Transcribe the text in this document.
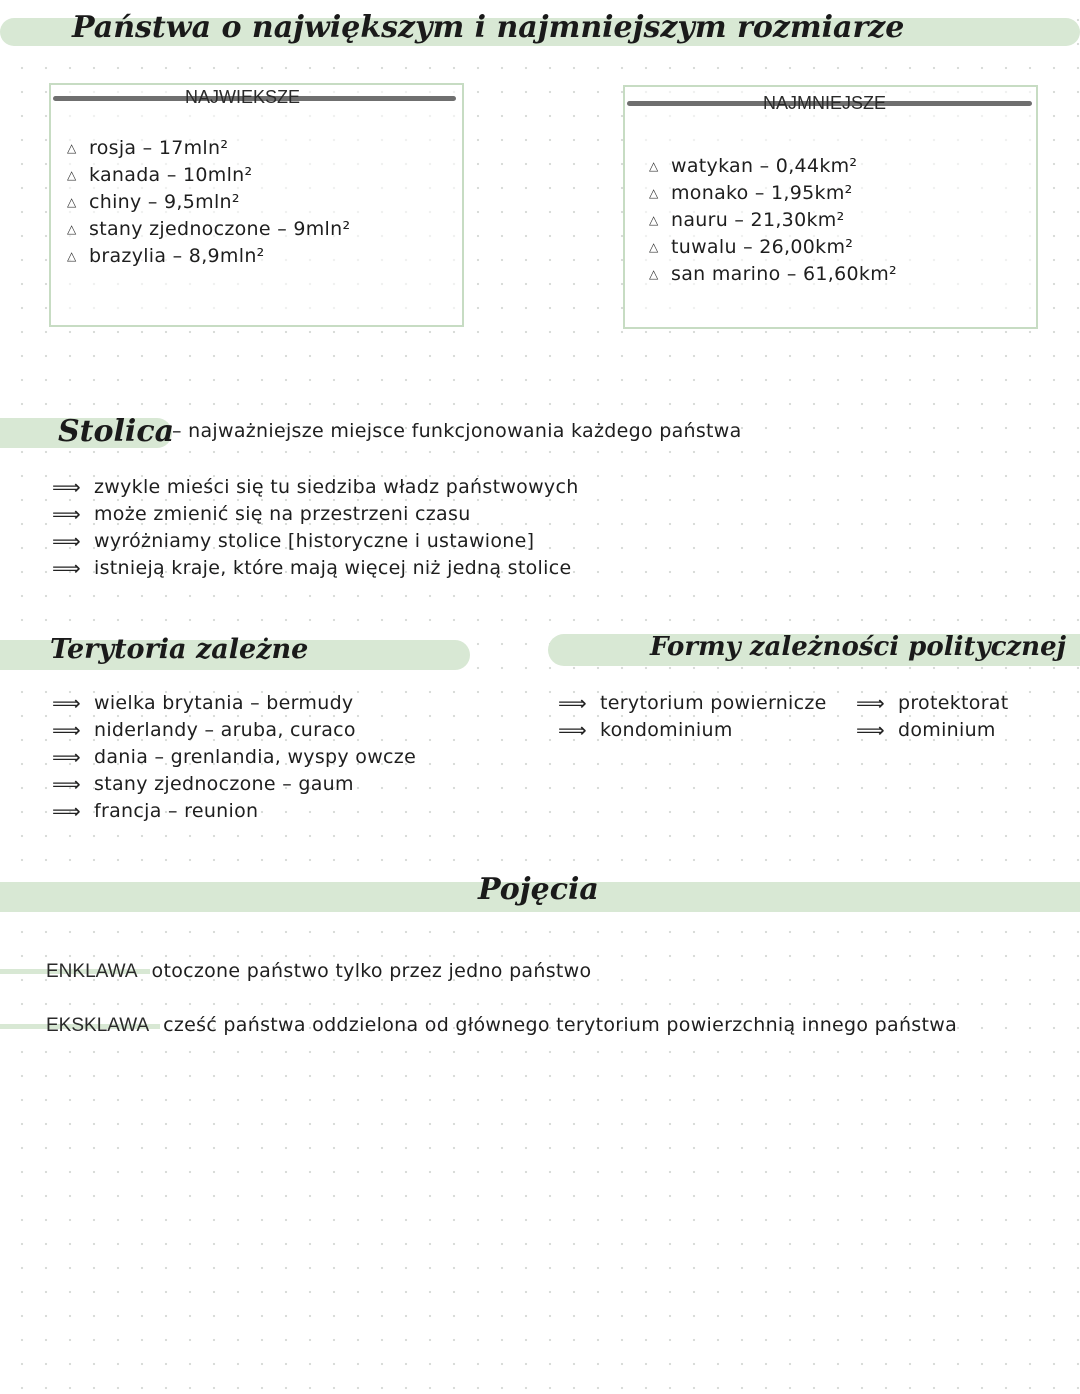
Państwa o największym i najmniejszym rozmiarze
NAJWIEKSZE
△ rosja – 17mln²
△ kanada – 10mln²
△ chiny – 9,5mln²
△ stany zjednoczone – 9mln²
△ brazylia – 8,9mln²
NAJMNIEJSZE
△ watykan – 0,44km²
△ monako – 1,95km²
△ nauru – 21,30km²
△ tuwalu – 26,00km²
△ san marino – 61,60km²
Stolica
– najważniejsze miejsce funkcjonowania każdego państwa
⟹ zwykle mieści się tu siedziba władz państwowych
⟹ może zmienić się na przestrzeni czasu
⟹ wyróżniamy stolice [historyczne i ustawione]
⟹ istnieją kraje, które mają więcej niż jedną stolice
Terytoria zależne
⟹ wielka brytania – bermudy
⟹ niderlandy – aruba, curaco
⟹ dania – grenlandia, wyspy owcze
⟹ stany zjednoczone – gaum
⟹ francja – reunion
Formy zależności politycznej
⟹ terytorium powiernicze
⟹ kondominium
⟹ protektorat
⟹ dominium
Pojęcia
ENKLAWA otoczone państwo tylko przez jedno państwo
EKSKLAWA cześć państwa oddzielona od głównego terytorium powierzchnią innego państwa
